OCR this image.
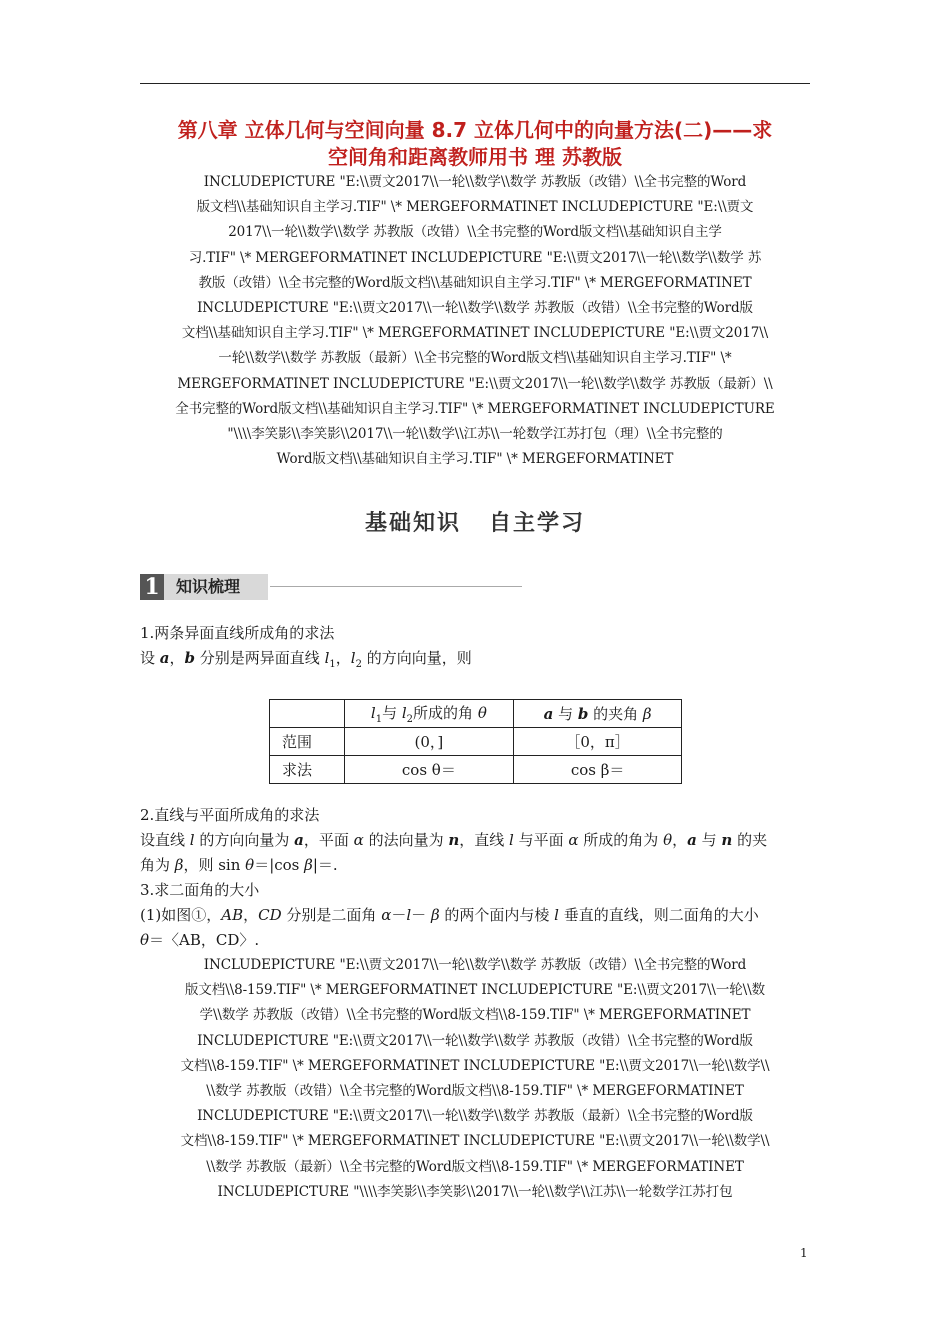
第八章 立体几何与空间向量 8.7 立体几何中的向量方法(二)——求
空间角和距离教师用书 理 苏教版
INCLUDEPICTURE "E:\\贾文2017\\一轮\\数学\\数学 苏教版（改错）\\全书完整的Word
版文档\\基础知识自主学习.TIF" \* MERGEFORMATINET INCLUDEPICTURE "E:\\贾文
2017\\一轮\\数学\\数学 苏教版（改错）\\全书完整的Word版文档\\基础知识自主学
习.TIF" \* MERGEFORMATINET INCLUDEPICTURE "E:\\贾文2017\\一轮\\数学\\数学 苏
教版（改错）\\全书完整的Word版文档\\基础知识自主学习.TIF" \* MERGEFORMATINET
INCLUDEPICTURE "E:\\贾文2017\\一轮\\数学\\数学 苏教版（改错）\\全书完整的Word版
文档\\基础知识自主学习.TIF" \* MERGEFORMATINET INCLUDEPICTURE "E:\\贾文2017\\
一轮\\数学\\数学 苏教版（最新）\\全书完整的Word版文档\\基础知识自主学习.TIF" \*
MERGEFORMATINET INCLUDEPICTURE "E:\\贾文2017\\一轮\\数学\\数学 苏教版（最新）\\
全书完整的Word版文档\\基础知识自主学习.TIF" \* MERGEFORMATINET INCLUDEPICTURE
"\\\\李笑影\\李笑影\\2017\\一轮\\数学\\江苏\\一轮数学江苏打包（理）\\全书完整的
Word版文档\\基础知识自主学习.TIF" \* MERGEFORMATINET
基础知识 自主学习
1 知识梳理
1.两条异面直线所成角的求法
设 a，b 分别是两异面直线 $l_1$，$l_2$ 的方向向量，则
	$l_1$与 $l_2$所成的角 θ	a 与 b 的夹角 β
范围	(0，]	［0，π］
求法	cos θ＝	cos β＝
2.直线与平面所成角的求法
设直线 l 的方向向量为 a，平面 α 的法向量为 n，直线 l 与平面 α 所成的角为 θ，a 与 n 的夹
角为 β，则 sin θ＝|cos β|＝.
3.求二面角的大小
(1)如图①，AB，CD 分别是二面角 α－l－ β 的两个面内与棱 l 垂直的直线，则二面角的大小
θ＝〈AB，CD〉.
INCLUDEPICTURE "E:\\贾文2017\\一轮\\数学\\数学 苏教版（改错）\\全书完整的Word
版文档\\8-159.TIF" \* MERGEFORMATINET INCLUDEPICTURE "E:\\贾文2017\\一轮\\数
学\\数学 苏教版（改错）\\全书完整的Word版文档\\8-159.TIF" \* MERGEFORMATINET
INCLUDEPICTURE "E:\\贾文2017\\一轮\\数学\\数学 苏教版（改错）\\全书完整的Word版
文档\\8-159.TIF" \* MERGEFORMATINET INCLUDEPICTURE "E:\\贾文2017\\一轮\\数学\\
\\数学 苏教版（改错）\\全书完整的Word版文档\\8-159.TIF" \* MERGEFORMATINET
INCLUDEPICTURE "E:\\贾文2017\\一轮\\数学\\数学 苏教版（最新）\\全书完整的Word版
文档\\8-159.TIF" \* MERGEFORMATINET INCLUDEPICTURE "E:\\贾文2017\\一轮\\数学\\
\\数学 苏教版（最新）\\全书完整的Word版文档\\8-159.TIF" \* MERGEFORMATINET
INCLUDEPICTURE "\\\\李笑影\\李笑影\\2017\\一轮\\数学\\江苏\\一轮数学江苏打包
1
